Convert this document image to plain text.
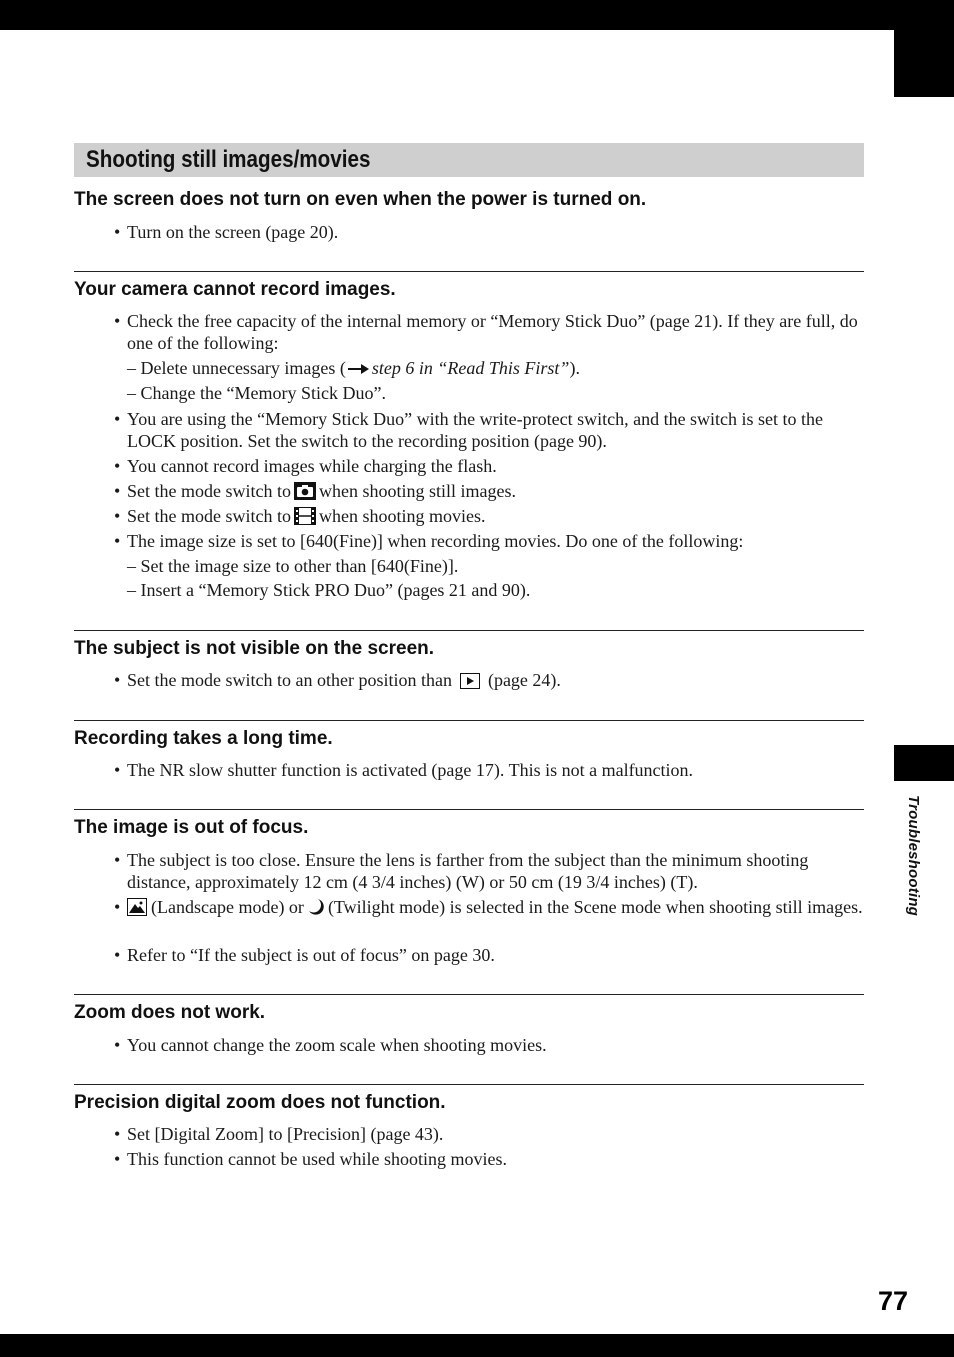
Troubleshooting
77
Shooting still images/movies
The screen does not turn on even when the power is turned on.
• Turn on the screen (page 20).
Your camera cannot record images.
• Check the free capacity of the internal memory or “Memory Stick Duo” (page 21). If they are full, do one of the following:
– Delete unnecessary images ( step 6 in “Read This First”).
– Change the “Memory Stick Duo”.
• You are using the “Memory Stick Duo” with the write-protect switch, and the switch is set to the LOCK position. Set the switch to the recording position (page 90).
• You cannot record images while charging the flash.
• Set the mode switch to when shooting still images.
• Set the mode switch to when shooting movies.
• The image size is set to [640(Fine)] when recording movies. Do one of the following:
– Set the image size to other than [640(Fine)].
– Insert a “Memory Stick PRO Duo” (pages 21 and 90).
The subject is not visible on the screen.
• Set the mode switch to an other position than (page 24).
Recording takes a long time.
• The NR slow shutter function is activated (page 17). This is not a malfunction.
The image is out of focus.
• The subject is too close. Ensure the lens is farther from the subject than the minimum shooting distance, approximately 12 cm (4 3/4 inches) (W) or 50 cm (19 3/4 inches) (T).
•	(Landscape mode) or (Twilight mode) is selected in the Scene mode when shooting still images.
• Refer to “If the subject is out of focus” on page 30.
Zoom does not work.
• You cannot change the zoom scale when shooting movies.
Precision digital zoom does not function.
• Set [Digital Zoom] to [Precision] (page 43).
• This function cannot be used while shooting movies.
